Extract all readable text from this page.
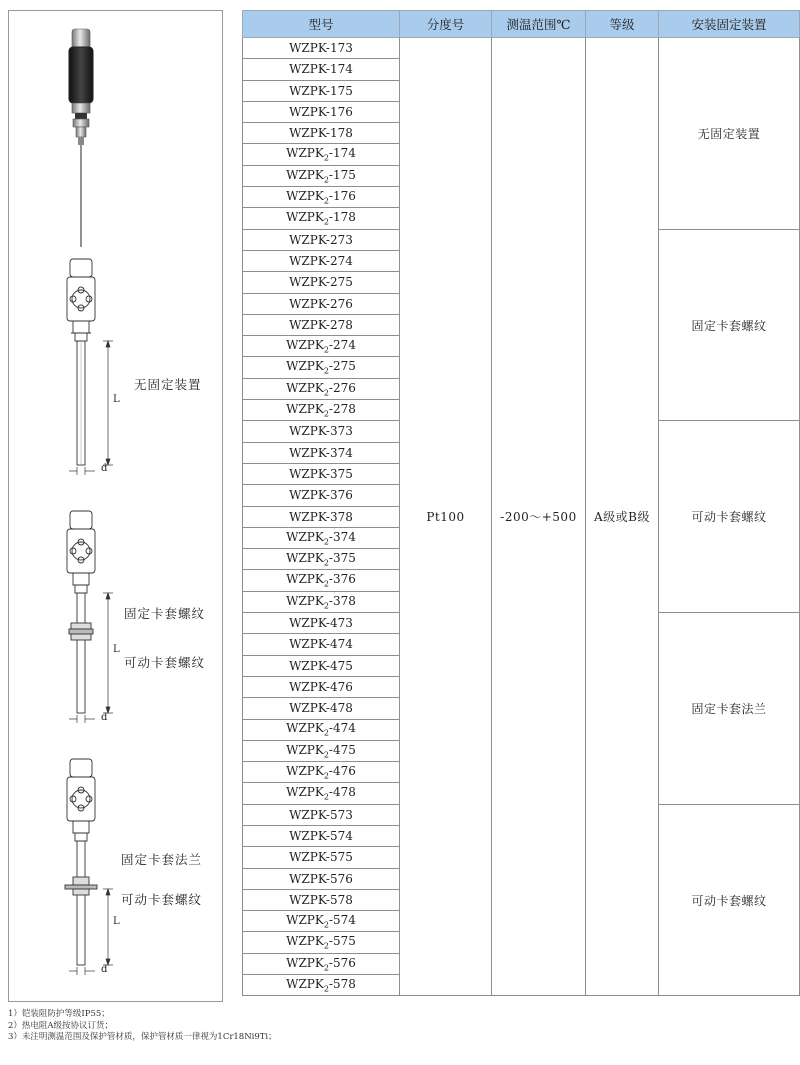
L
d
L
d
L
d
无固定装置
固定卡套螺纹
可动卡套螺纹
固定卡套法兰
可动卡套螺纹
型号	分度号	测温范围℃	等级	安装固定装置
WZPK-173	Pt100	-200～+500	A级或B级	无固定装置
WZPK-174				
WZPK-175				
WZPK-176				
WZPK-178				
$WZPK_2-174$				
$WZPK_2-175$				
$WZPK_2-176$				
$WZPK_2-178$				
WZPK-273				固定卡套螺纹
WZPK-274				
WZPK-275				
WZPK-276				
WZPK-278				
$WZPK_2-274$				
$WZPK_2-275$				
$WZPK_2-276$				
$WZPK_2-278$				
WZPK-373				可动卡套螺纹
WZPK-374				
WZPK-375				
WZPK-376				
WZPK-378				
$WZPK_2-374$				
$WZPK_2-375$				
$WZPK_2-376$				
$WZPK_2-378$				
WZPK-473				固定卡套法兰
WZPK-474				
WZPK-475				
WZPK-476				
WZPK-478				
$WZPK_2-474$				
$WZPK_2-475$				
$WZPK_2-476$				
$WZPK_2-478$				
WZPK-573				可动卡套螺纹
WZPK-574				
WZPK-575				
WZPK-576				
WZPK-578				
$WZPK_2-574$				
$WZPK_2-575$				
$WZPK_2-576$				
$WZPK_2-578$				
1）铠装阻防护等级IP55；
2）热电阻A级按协议订货；
3）未注明测温范围及保护管材质，保护管材质一律视为1Cr18Ni9Ti；
